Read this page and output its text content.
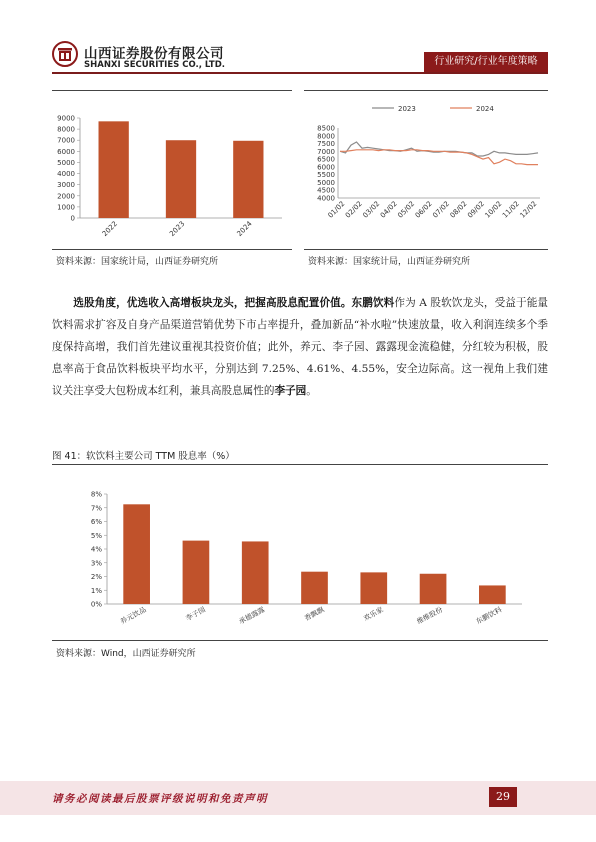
山西证券股份有限公司
SHANXI SECURITIES CO., LTD.	行业研究/行业年度策略
0
1000
2000
3000
4000
5000
6000
7000
8000
9000
2022	2023	2024
资料来源：国家统计局，山西证券研究所
2023	2024
4000
4500
5000
5500
6000
6500
7000
7500
8000
8500
01/02
02/02
03/02
04/02
05/02
06/02
07/02
08/02
09/02
10/02
11/02
12/02
资料来源：国家统计局，山西证券研究所
  选股角度，优选收入高增板块龙头，把握高股息配置价值。东鹏饮料作为 A 股软饮龙头，受益于能量饮料需求扩容及自身产品渠道营销优势下市占率提升，叠加新品“补水啦”快速放量，收入利润连续多个季度保持高增，我们首先建议重视其投资价值；此外，养元、李子园、露露现金流稳健，分红较为积极，股息率高于食品饮料板块平均水平，分别达到 7.25%、4.61%、4.55%，安全边际高。这一视角上我们建议关注享受大包粉成本红利，兼具高股息属性的李子园。
图 41：软饮料主要公司 TTM 股息率（%）
0%
1%
2%
3%
4%
5%
6%
7%
8%
养元饮品	李子园	承德露露	香飘飘	欢乐家	维维股份	东鹏饮料
资料来源：Wind，山西证券研究所
请务必阅读最后股票评级说明和免责声明	29
